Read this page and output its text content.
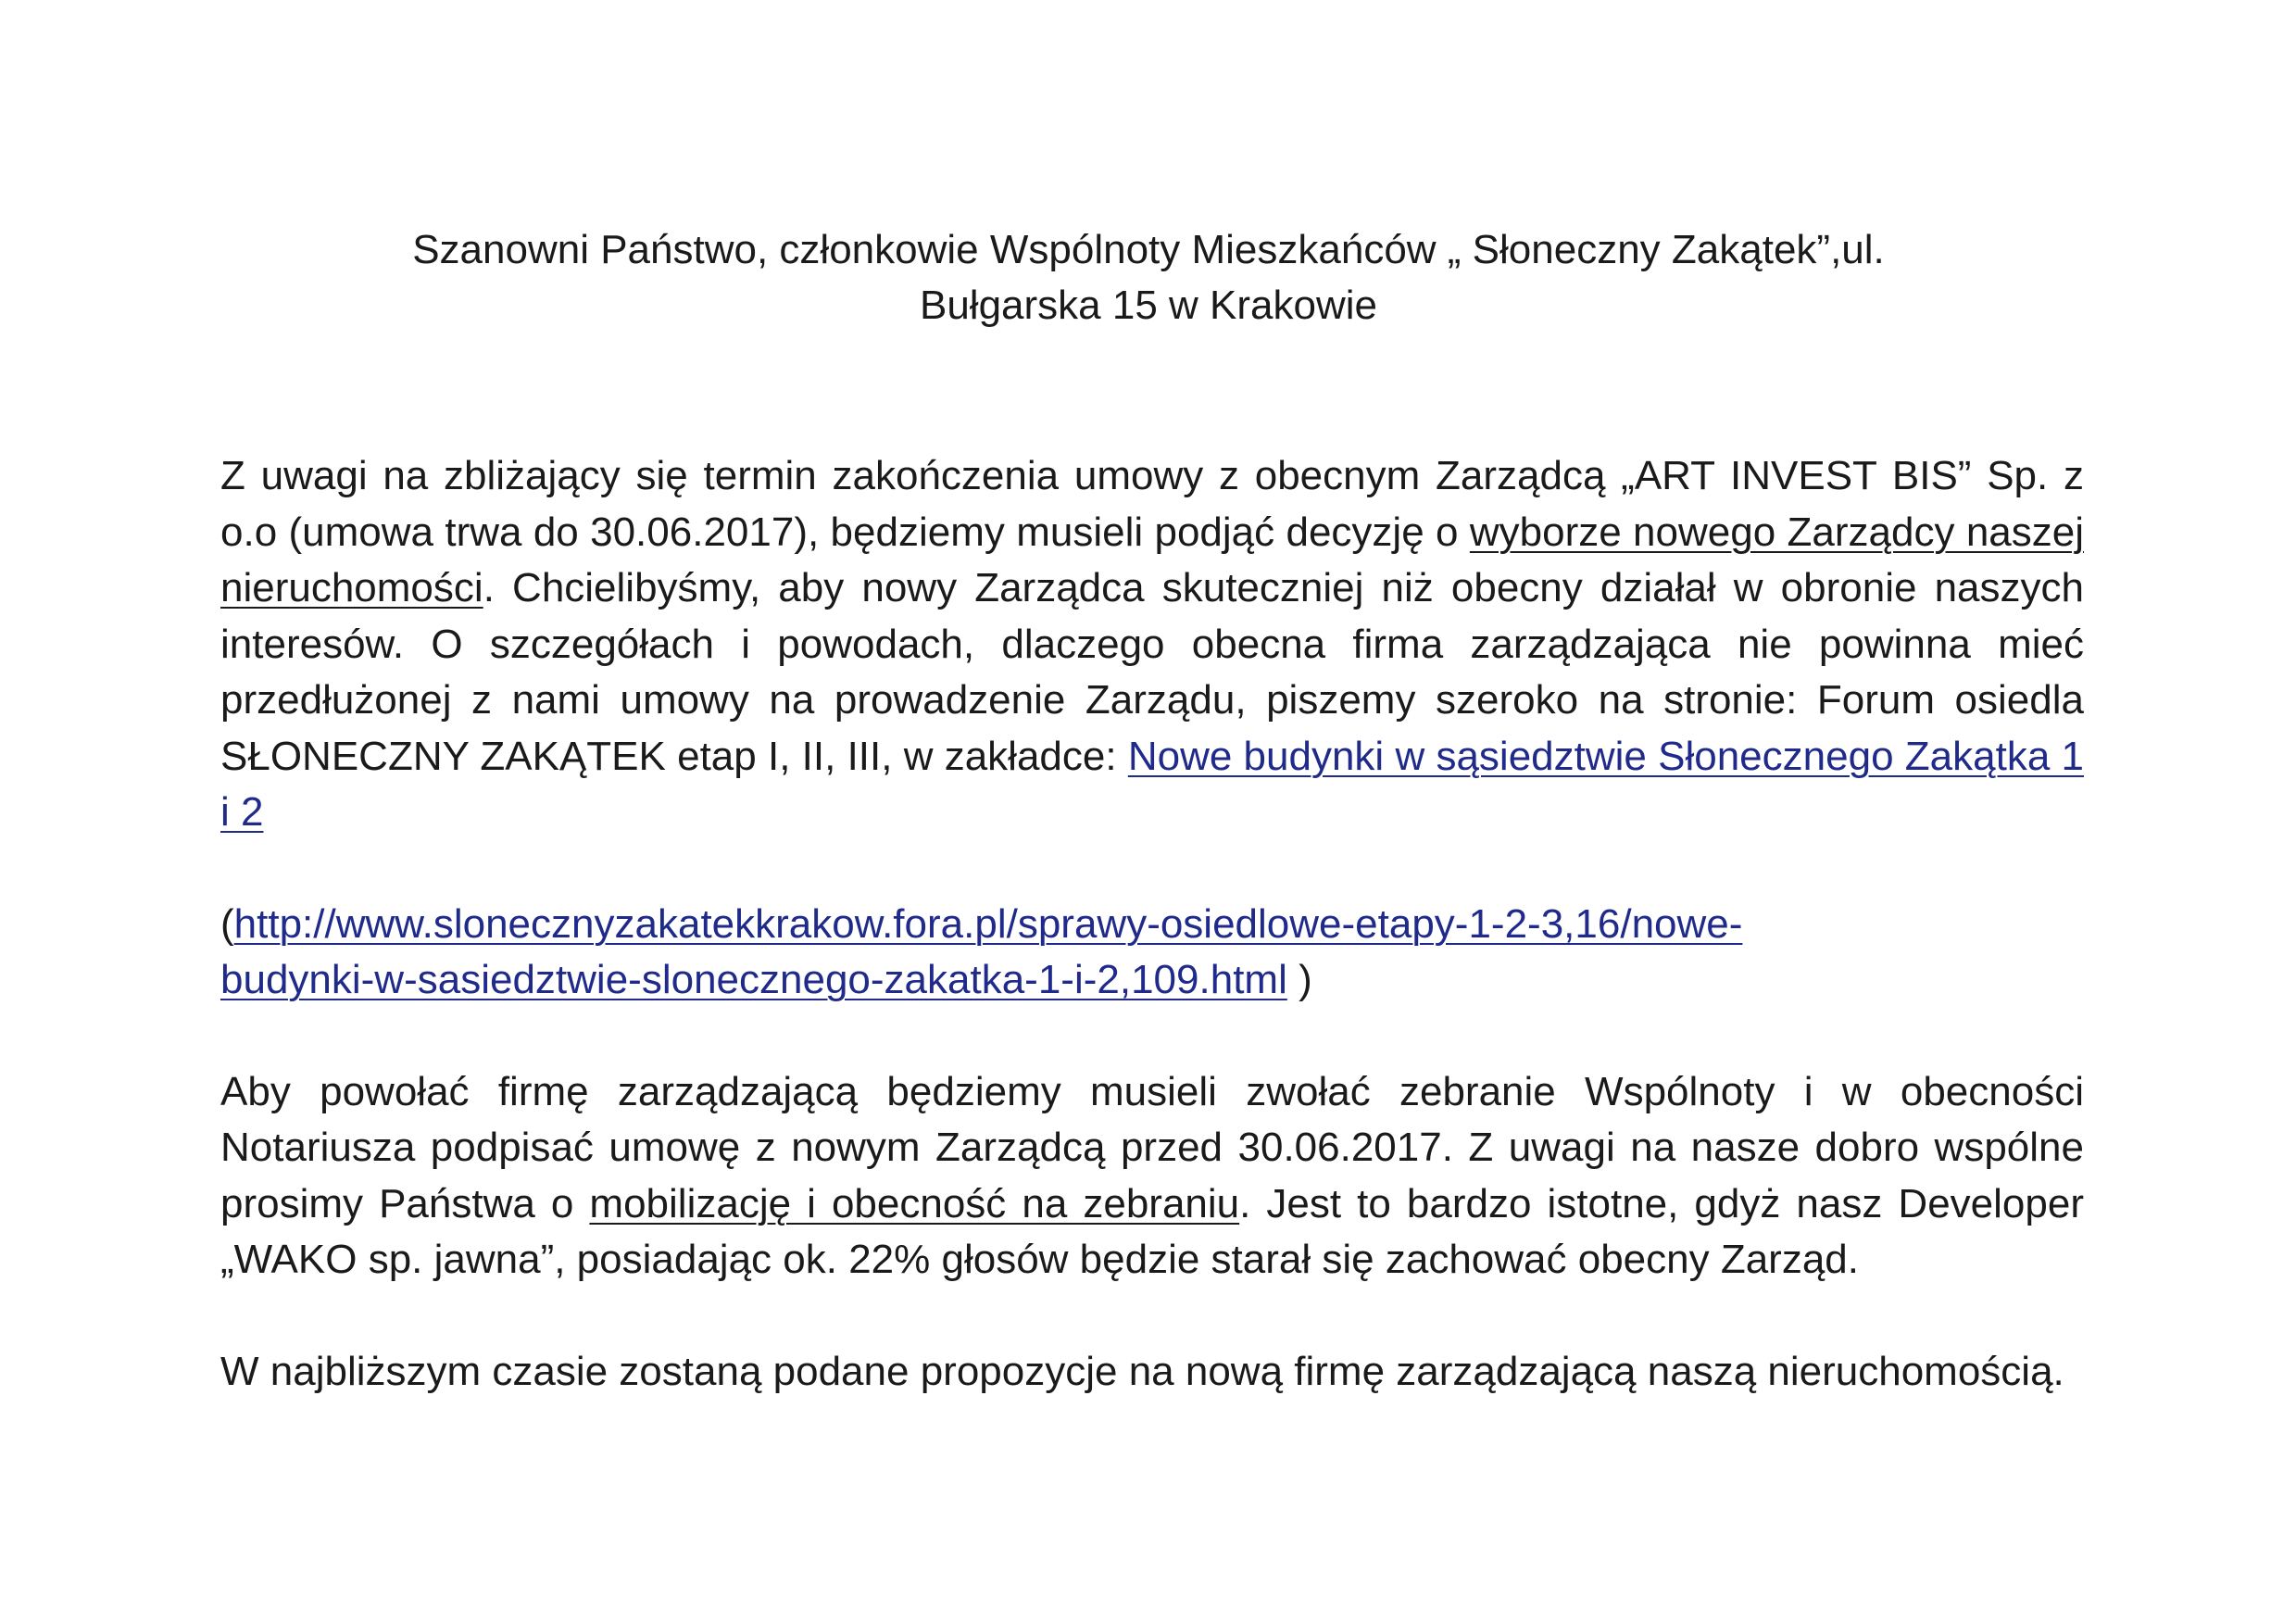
Szanowni Państwo, członkowie Wspólnoty Mieszkańców „ Słoneczny Zakątek”,ul.
Bułgarska 15 w Krakowie

Z uwagi na zbliżający się termin zakończenia umowy z obecnym Zarządcą „ART INVEST BIS” Sp. z o.o (umowa trwa do 30.06.2017), będziemy musieli podjąć decyzję o wyborze nowego Zarządcy naszej nieruchomości. Chcielibyśmy, aby nowy Zarządca skuteczniej niż obecny działał w obronie naszych interesów. O szczegółach i powodach, dlaczego obecna firma zarządzająca nie powinna mieć przedłużonej z nami umowy na prowadzenie Zarządu, piszemy szeroko na stronie: Forum osiedla SŁONECZNY ZAKĄTEK etap I, II, III, w zakładce: Nowe budynki w sąsiedztwie Słonecznego Zakątka 1 i 2

(http://www.slonecznyzakatekkrakow.fora.pl/sprawy-osiedlowe-etapy-1-2-3,16/nowe-
budynki-w-sasiedztwie-slonecznego-zakatka-1-i-2,109.html )

Aby powołać firmę zarządzającą będziemy musieli zwołać zebranie Wspólnoty i w obecności Notariusza podpisać umowę z nowym Zarządcą przed 30.06.2017. Z uwagi na nasze dobro wspólne prosimy Państwa o mobilizację i obecność na zebraniu. Jest to bardzo istotne, gdyż nasz Developer „WAKO sp. jawna”, posiadając ok. 22% głosów będzie starał się zachować obecny Zarząd.

W najbliższym czasie zostaną podane propozycje na nową firmę zarządzającą naszą nieruchomością.
